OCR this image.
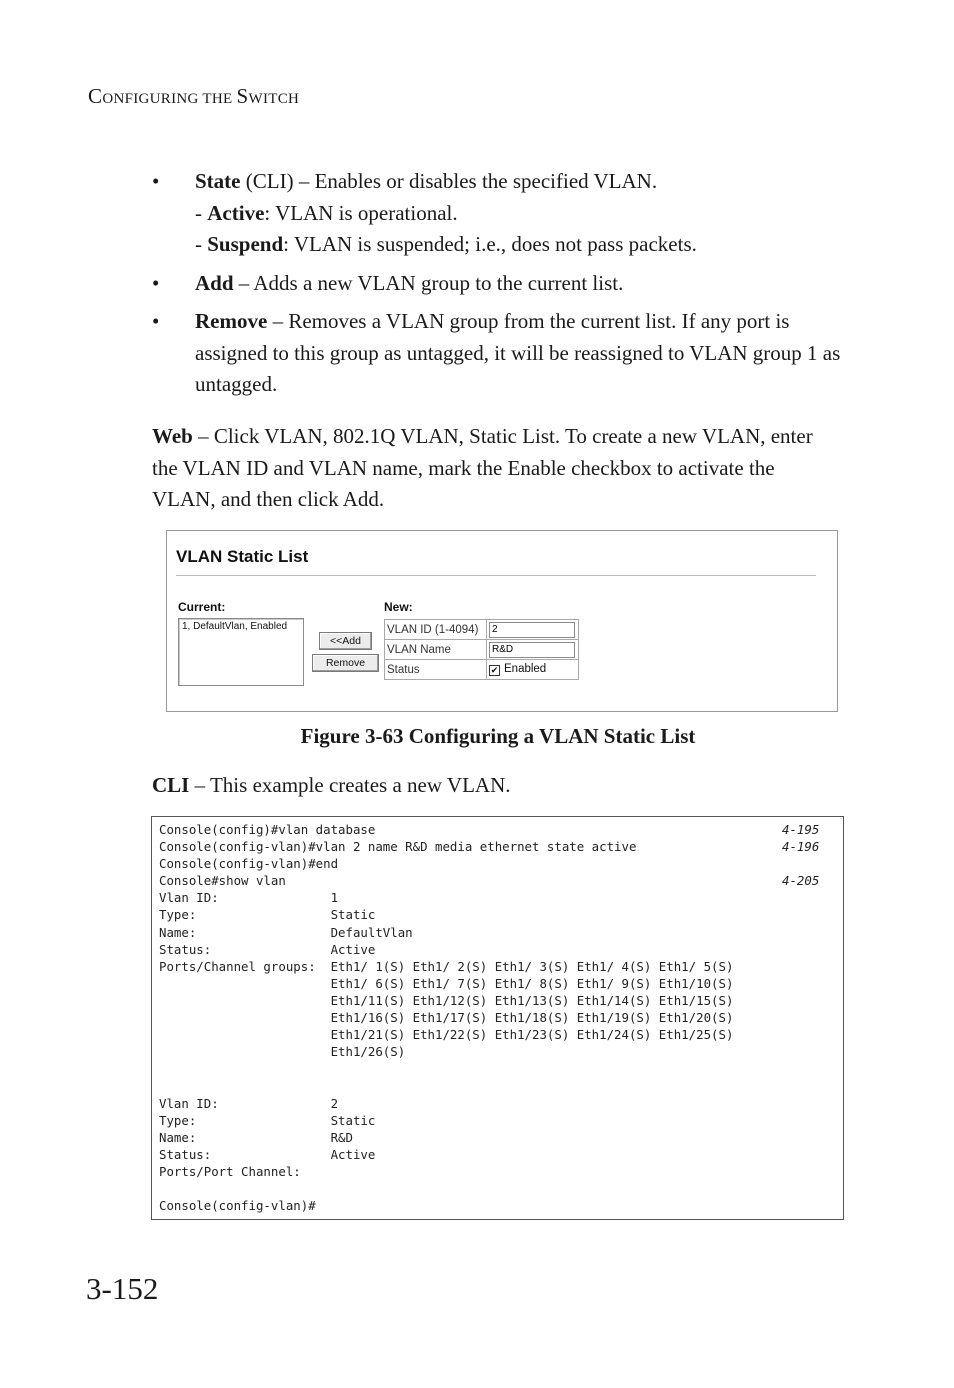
CONFIGURING THE SWITCH
• State (CLI) – Enables or disables the specified VLAN.
- Active: VLAN is operational.
- Suspend: VLAN is suspended; i.e., does not pass packets.
• Add – Adds a new VLAN group to the current list.
• Remove – Removes a VLAN group from the current list. If any port is assigned to this group as untagged, it will be reassigned to VLAN group 1 as untagged.
Web – Click VLAN, 802.1Q VLAN, Static List. To create a new VLAN, enter the VLAN ID and VLAN name, mark the Enable checkbox to activate the VLAN, and then click Add.
VLAN Static List
Current:
1, DefaultVlan, Enabled
<<Add
Remove
New:
VLAN ID (1-4094)	2
VLAN Name	R&D
Status	✔ Enabled
Figure 3-63 Configuring a VLAN Static List
CLI – This example creates a new VLAN.
Console(config)#vlan database	4-195
Console(config-vlan)#vlan 2 name R&D media ethernet state active	4-196
Console(config-vlan)#end
Console#show vlan	4-205
Vlan ID:               1
Type:                  Static
Name:                  DefaultVlan
Status:                Active
Ports/Channel groups:  Eth1/ 1(S) Eth1/ 2(S) Eth1/ 3(S) Eth1/ 4(S) Eth1/ 5(S)
Eth1/ 6(S) Eth1/ 7(S) Eth1/ 8(S) Eth1/ 9(S) Eth1/10(S)
Eth1/11(S) Eth1/12(S) Eth1/13(S) Eth1/14(S) Eth1/15(S)
Eth1/16(S) Eth1/17(S) Eth1/18(S) Eth1/19(S) Eth1/20(S)
Eth1/21(S) Eth1/22(S) Eth1/23(S) Eth1/24(S) Eth1/25(S)
Eth1/26(S)
Vlan ID:               2
Type:                  Static
Name:                  R&D
Status:                Active
Ports/Port Channel:
Console(config-vlan)#
3-152
